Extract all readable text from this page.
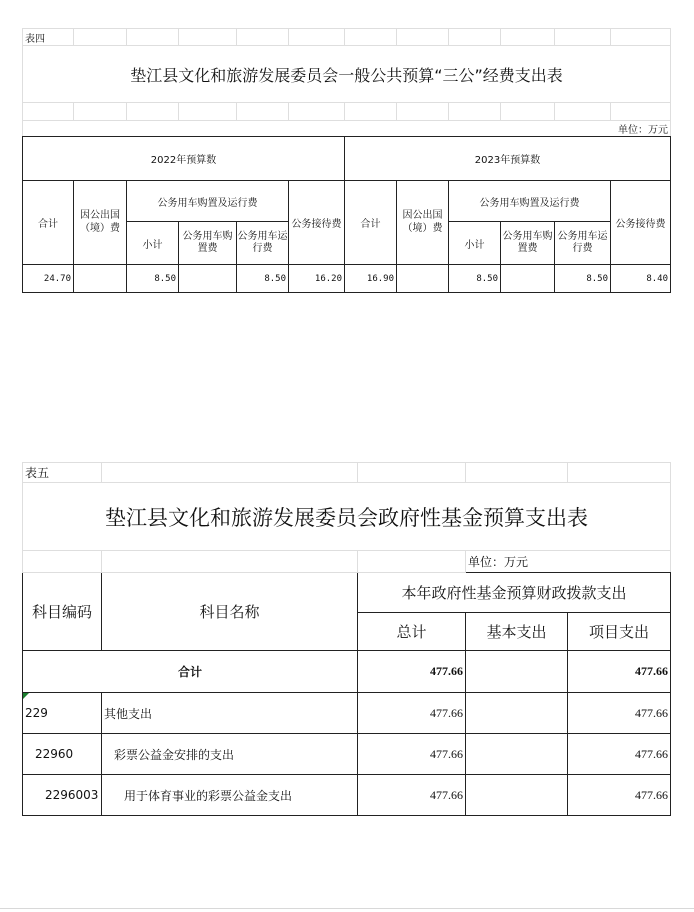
表四											
垫江县文化和旅游发展委员会一般公共预算“三公”经费支出表											

单位：万元											
2022年预算数						2023年预算数					
合计	因公出国（境）费	公务用车购置及运行费			公务接待费	合计	因公出国（境）费	公务用车购置及运行费			公务接待费
		小计	公务用车购置费	公务用车运行费				小计	公务用车购置费	公务用车运行费	
24.70		8.50		8.50	16.20	16.90		8.50		8.50	8.40
表五				
垫江县文化和旅游发展委员会政府性基金预算支出表				
			单位：万元	
科目编码	科目名称	本年政府性基金预算财政拨款支出		
		总计	基本支出	项目支出
合计		477.66		477.66

229	其他支出	477.66		477.66
22960	彩票公益金安排的支出	477.66		477.66
2296003	用于体育事业的彩票公益金支出	477.66		477.66
